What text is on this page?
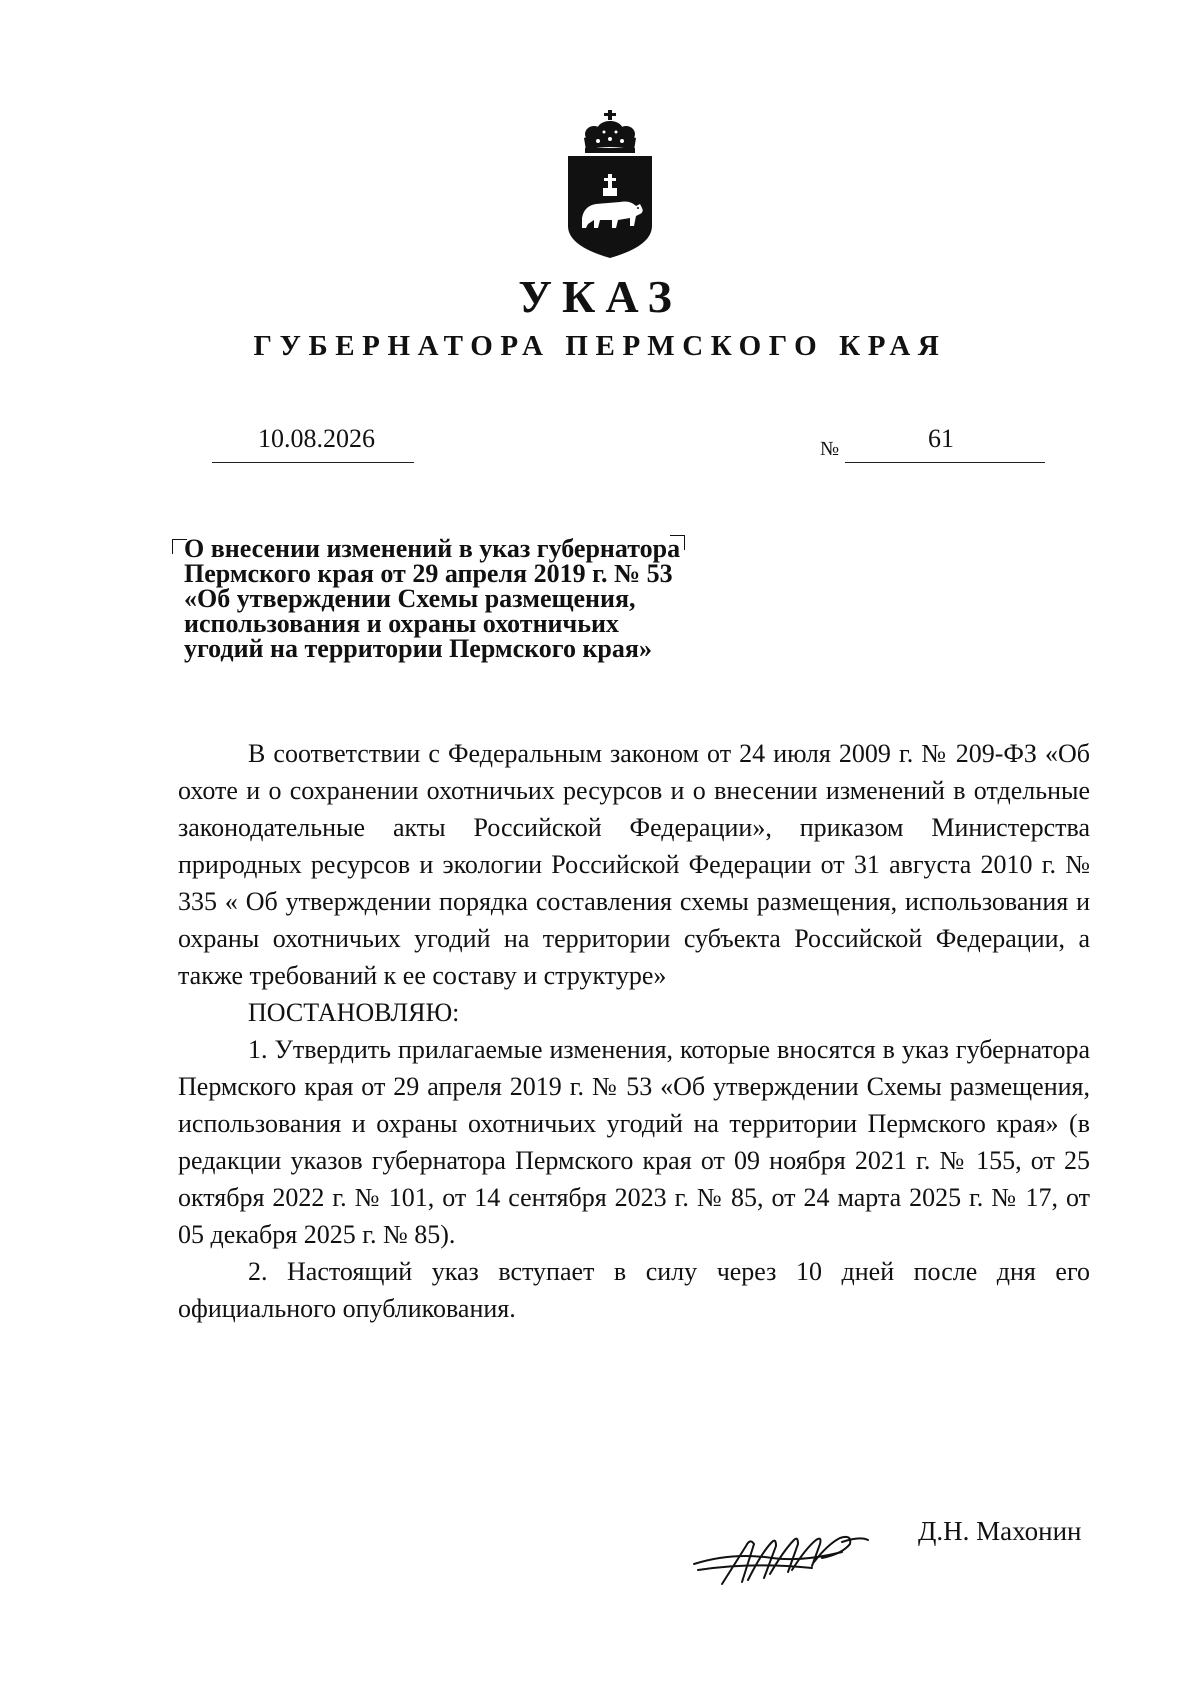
УКАЗ
ГУБЕРНАТОРА ПЕРМСКОГО КРАЯ
10.08.2026	№	61
О внесении изменений в указ губернатора
Пермского края от 29 апреля 2019 г. № 53
«Об утверждении Схемы размещения,
использования и охраны охотничьих
угодий на территории Пермского края»

В соответствии с Федеральным законом от 24 июля 2009 г. № 209-ФЗ «Об охоте и о сохранении охотничьих ресурсов и о внесении изменений в отдельные законодательные акты Российской Федерации», приказом Министерства природных ресурсов и экологии Российской Федерации от 31 августа 2010 г. № 335 « Об утверждении порядка составления схемы размещения, использования и охраны охотничьих угодий на территории субъекта Российской Федерации, а также требований к ее составу и структуре»

ПОСТАНОВЛЯЮ:

1. Утвердить прилагаемые изменения, которые вносятся в указ губернатора Пермского края от 29 апреля 2019 г. № 53 «Об утверждении Схемы размещения, использования и охраны охотничьих угодий на территории Пермского края» (в редакции указов губернатора Пермского края от 09 ноября 2021 г. № 155, от 25 октября 2022 г. № 101, от 14 сентября 2023 г. № 85, от 24 марта 2025 г. № 17, от 05 декабря 2025 г. № 85).

2. Настоящий указ вступает в силу через 10 дней после дня его официального опубликования.

Д.Н. Махонин
